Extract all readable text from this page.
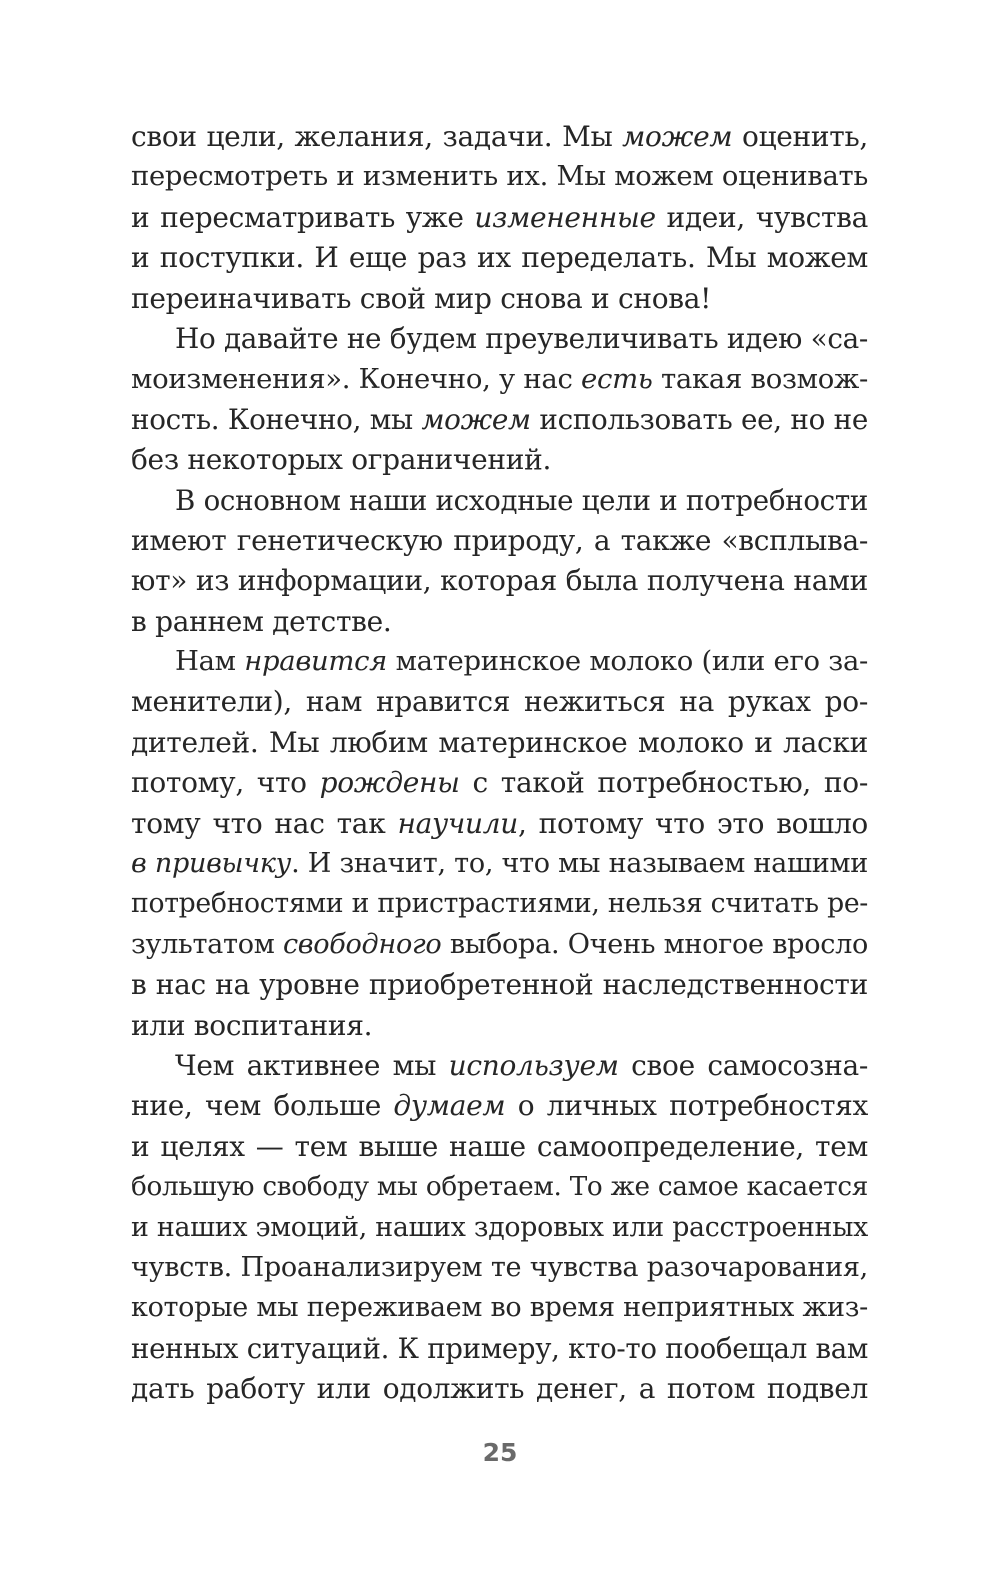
свои цели, желания, задачи. Мы можем оценить,
пересмотреть и изменить их. Мы можем оценивать
и пересматривать уже измененные идеи, чувства
и поступки. И еще раз их переделать. Мы можем
переиначивать свой мир снова и снова!
Но давайте не будем преувеличивать идею «са-
моизменения». Конечно, у нас есть такая возмож-
ность. Конечно, мы можем использовать ее, но не
без некоторых ограничений.
В основном наши исходные цели и потребности
имеют генетическую природу, а также «всплыва-
ют» из информации, которая была получена нами
в раннем детстве.
Нам нравится материнское молоко (или его за-
менители), нам нравится нежиться на руках ро-
дителей. Мы любим материнское молоко и ласки
потому, что рождены с такой потребностью, по-
тому что нас так научили, потому что это вошло
в привычку. И значит, то, что мы называем нашими
потребностями и пристрастиями, нельзя считать ре-
зультатом свободного выбора. Очень многое вросло
в нас на уровне приобретенной наследственности
или воспитания.
Чем активнее мы используем свое самосозна-
ние, чем больше думаем о личных потребностях
и целях — тем выше наше самоопределение, тем
большую свободу мы обретаем. То же самое касается
и наших эмоций, наших здоровых или расстроенных
чувств. Проанализируем те чувства разочарования,
которые мы переживаем во время неприятных жиз-
ненных ситуаций. К примеру, кто-то пообещал вам
дать работу или одолжить денег, а потом подвел
25
